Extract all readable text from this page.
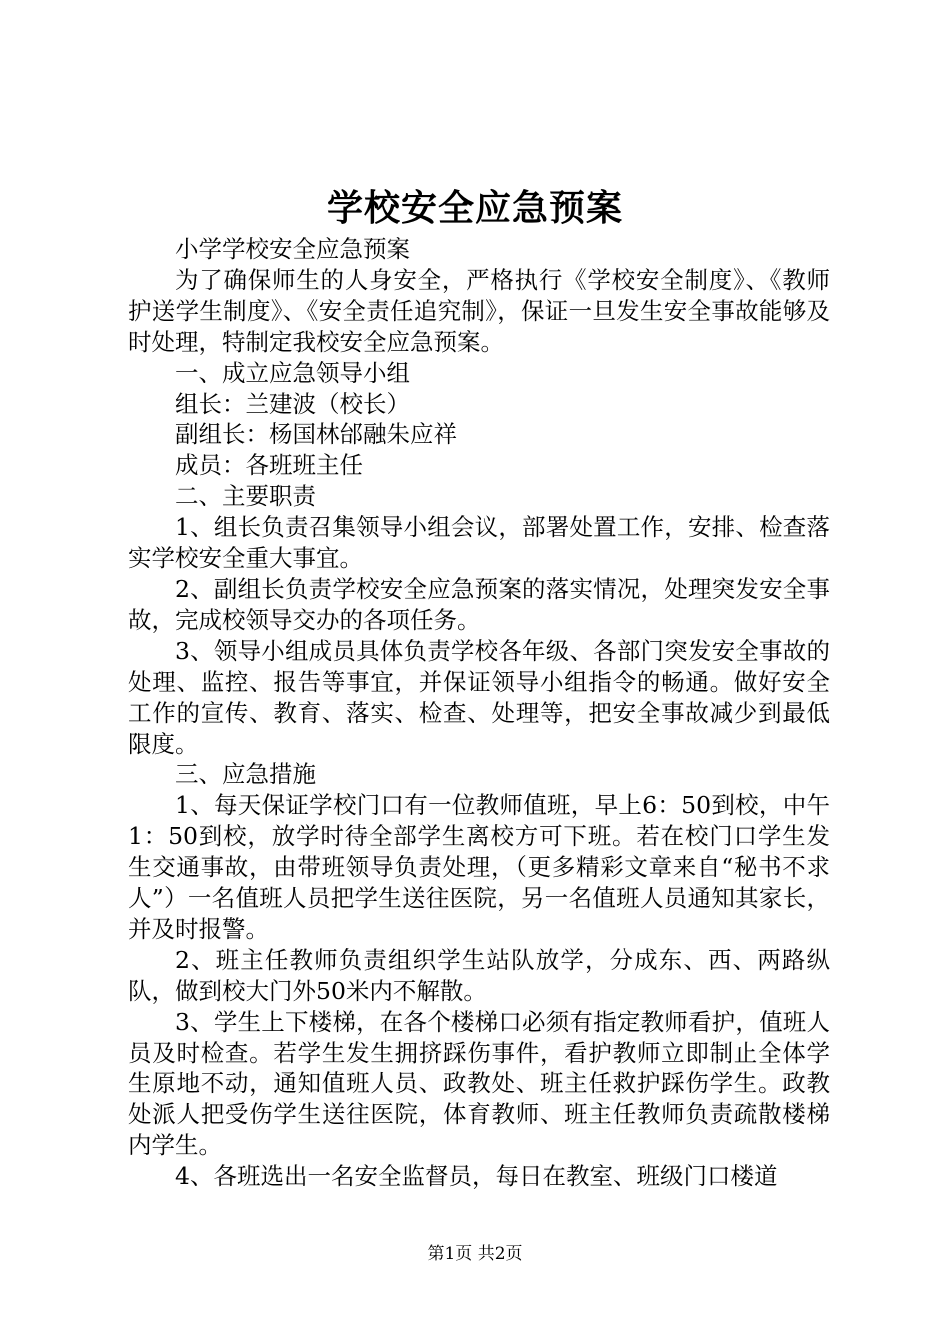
学校安全应急预案

小学学校安全应急预案

为了确保师生的人身安全，严格执行《学校安全制度》、《教师护送学生制度》、《安全责任追究制》，保证一旦发生安全事故能够及时处理，特制定我校安全应急预案。

一、成立应急领导小组

组长：兰建波（校长）

副组长：杨国林邰融朱应祥

成员：各班班主任

二、主要职责

1、组长负责召集领导小组会议，部署处置工作，安排、检查落实学校安全重大事宜。

2、副组长负责学校安全应急预案的落实情况，处理突发安全事故，完成校领导交办的各项任务。

3、领导小组成员具体负责学校各年级、各部门突发安全事故的处理、监控、报告等事宜，并保证领导小组指令的畅通。做好安全工作的宣传、教育、落实、检查、处理等，把安全事故减少到最低限度。

三、应急措施

1、每天保证学校门口有一位教师值班，早上6：50到校，中午1：50到校，放学时待全部学生离校方可下班。若在校门口学生发生交通事故，由带班领导负责处理，（更多精彩文章来自“秘书不求人”）一名值班人员把学生送往医院，另一名值班人员通知其家长，并及时报警。

2、班主任教师负责组织学生站队放学，分成东、西、两路纵队，做到校大门外50米内不解散。

3、学生上下楼梯，在各个楼梯口必须有指定教师看护，值班人员及时检查。若学生发生拥挤踩伤事件，看护教师立即制止全体学生原地不动，通知值班人员、政教处、班主任救护踩伤学生。政教处派人把受伤学生送往医院，体育教师、班主任教师负责疏散楼梯内学生。

4、各班选出一名安全监督员，每日在教室、班级门口楼道

第1页 共2页
